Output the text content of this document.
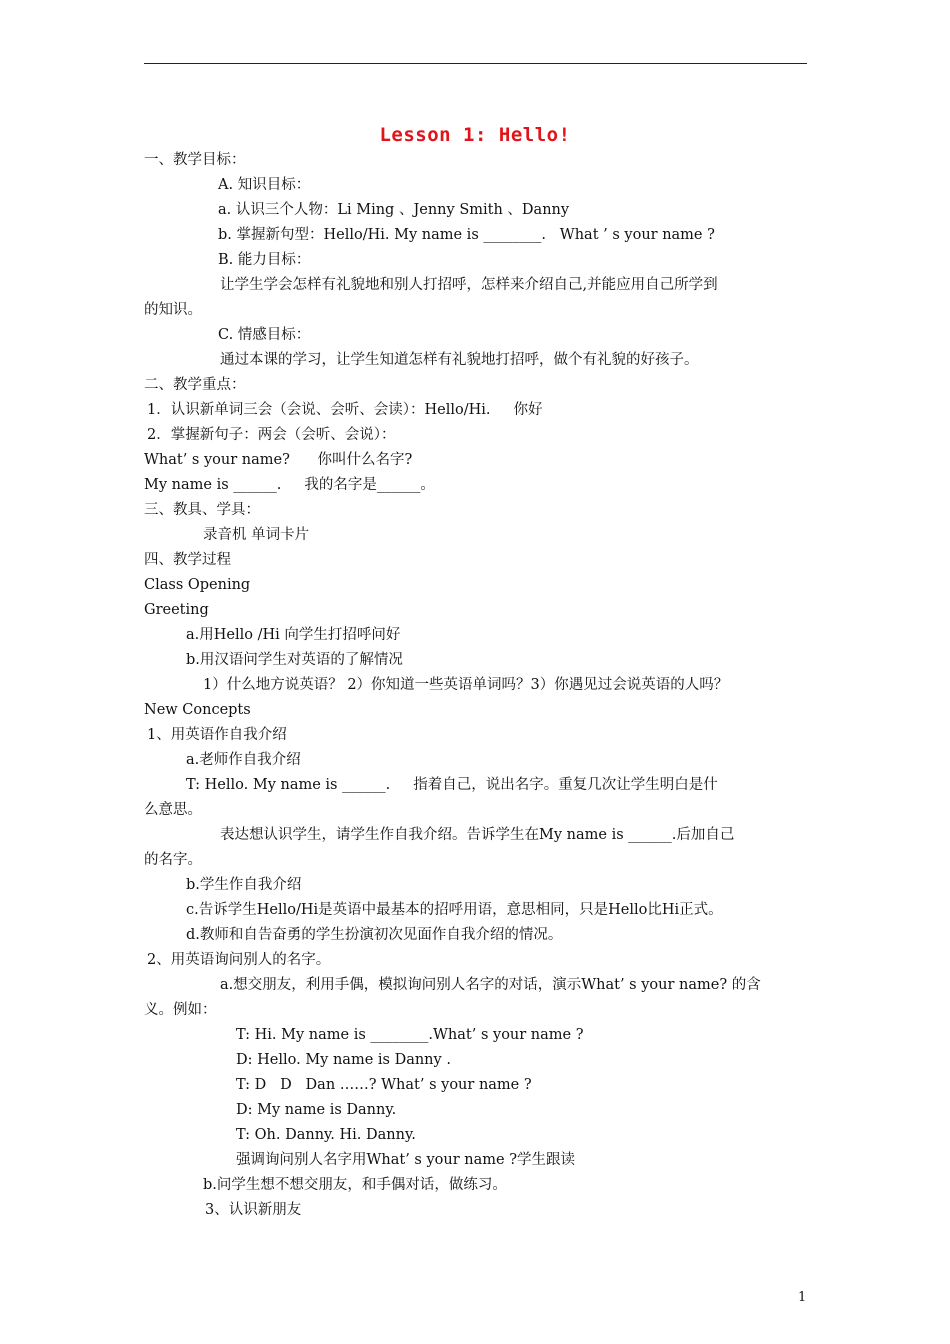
Lesson 1: Hello!
一、教学目标：
A. 知识目标：
a. 认识三个人物：Li Ming 、Jenny Smith 、Danny
b. 掌握新句型：Hello/Hi. My name is ________.   What ’ s your name ?
B. 能力目标：
让学生学会怎样有礼貌地和别人打招呼，怎样来介绍自己,并能应用自己所学到
的知识。
C. 情感目标：
通过本课的学习，让学生知道怎样有礼貌地打招呼，做个有礼貌的好孩子。
二、教学重点：
1．认识新单词三会（会说、会听、会读）：Hello/Hi.     你好
2．掌握新句子：两会（会听、会说）：
What’ s your name?      你叫什么名字?
My name is ______.     我的名字是______。
三、教具、学具：
录音机 单词卡片
四、教学过程
Class Opening
Greeting
a.用Hello /Hi 向学生打招呼问好
b.用汉语问学生对英语的了解情况
1）什么地方说英语？ 2）你知道一些英语单词吗？3）你遇见过会说英语的人吗？
New Concepts
1、用英语作自我介绍
a.老师作自我介绍
T: Hello. My name is ______.     指着自己，说出名字。重复几次让学生明白是什
么意思。
表达想认识学生，请学生作自我介绍。告诉学生在My name is ______.后加自己
的名字。
b.学生作自我介绍
c.告诉学生Hello/Hi是英语中最基本的招呼用语，意思相同，只是Hello比Hi正式。
d.教师和自告奋勇的学生扮演初次见面作自我介绍的情况。
2、用英语询问别人的名字。
a.想交朋友，利用手偶，模拟询问别人名字的对话，演示What’ s your name? 的含
义。例如：
T: Hi. My name is ________.What’ s your name ?
D: Hello. My name is Danny .
T: D   D   Dan ……? What’ s your name ?
D: My name is Danny.
T: Oh. Danny. Hi. Danny.
强调询问别人名字用What’ s your name ?学生跟读
b.问学生想不想交朋友，和手偶对话，做练习。
3、认识新朋友
1
